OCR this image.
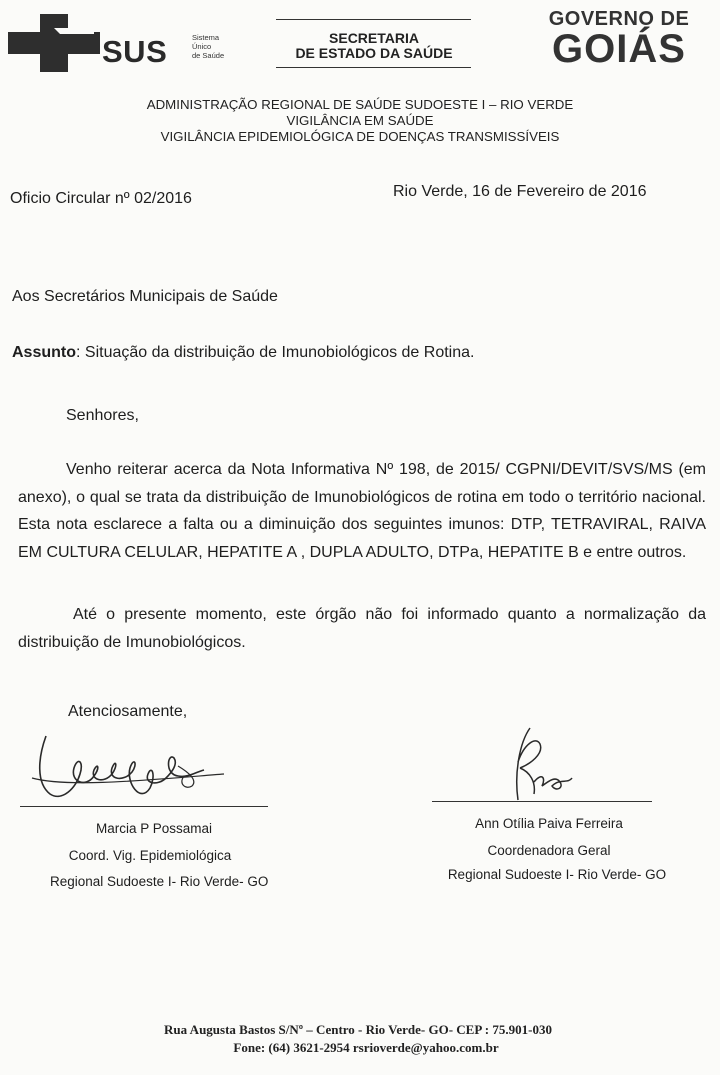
SUS	Sistema
Único
de Saúde
SECRETARIA
DE ESTADO DA SAÚDE
GOVERNO DE
GOIÁS
ADMINISTRAÇÃO REGIONAL DE SAÚDE SUDOESTE I – RIO VERDE
VIGILÂNCIA EM SAÚDE
VIGILÂNCIA EPIDEMIOLÓGICA DE DOENÇAS TRANSMISSÍVEIS
Oficio Circular nº 02/2016	Rio Verde, 16 de Fevereiro de 2016
Aos Secretários Municipais de Saúde
Assunto: Situação da distribuição de Imunobiológicos de Rotina.
Senhores,
Venho reiterar acerca da Nota Informativa Nº 198, de 2015/ CGPNI/DEVIT/SVS/MS (em anexo), o qual se trata da distribuição de Imunobiológicos de rotina em todo o território nacional. Esta nota esclarece a falta ou a diminuição dos seguintes imunos: DTP, TETRAVIRAL, RAIVA EM CULTURA CELULAR, HEPATITE A , DUPLA ADULTO, DTPa, HEPATITE B e entre outros.
Até o presente momento, este órgão não foi informado quanto a normalização da distribuição de Imunobiológicos.
Atenciosamente,
Marcia P Possamai
Coord. Vig. Epidemiológica
Regional Sudoeste I- Rio Verde- GO
Ann Otília Paiva Ferreira
Coordenadora Geral
Regional Sudoeste I- Rio Verde- GO
Rua Augusta Bastos S/Nº – Centro - Rio Verde- GO- CEP : 75.901-030
Fone: (64) 3621-2954 rsrioverde@yahoo.com.br
